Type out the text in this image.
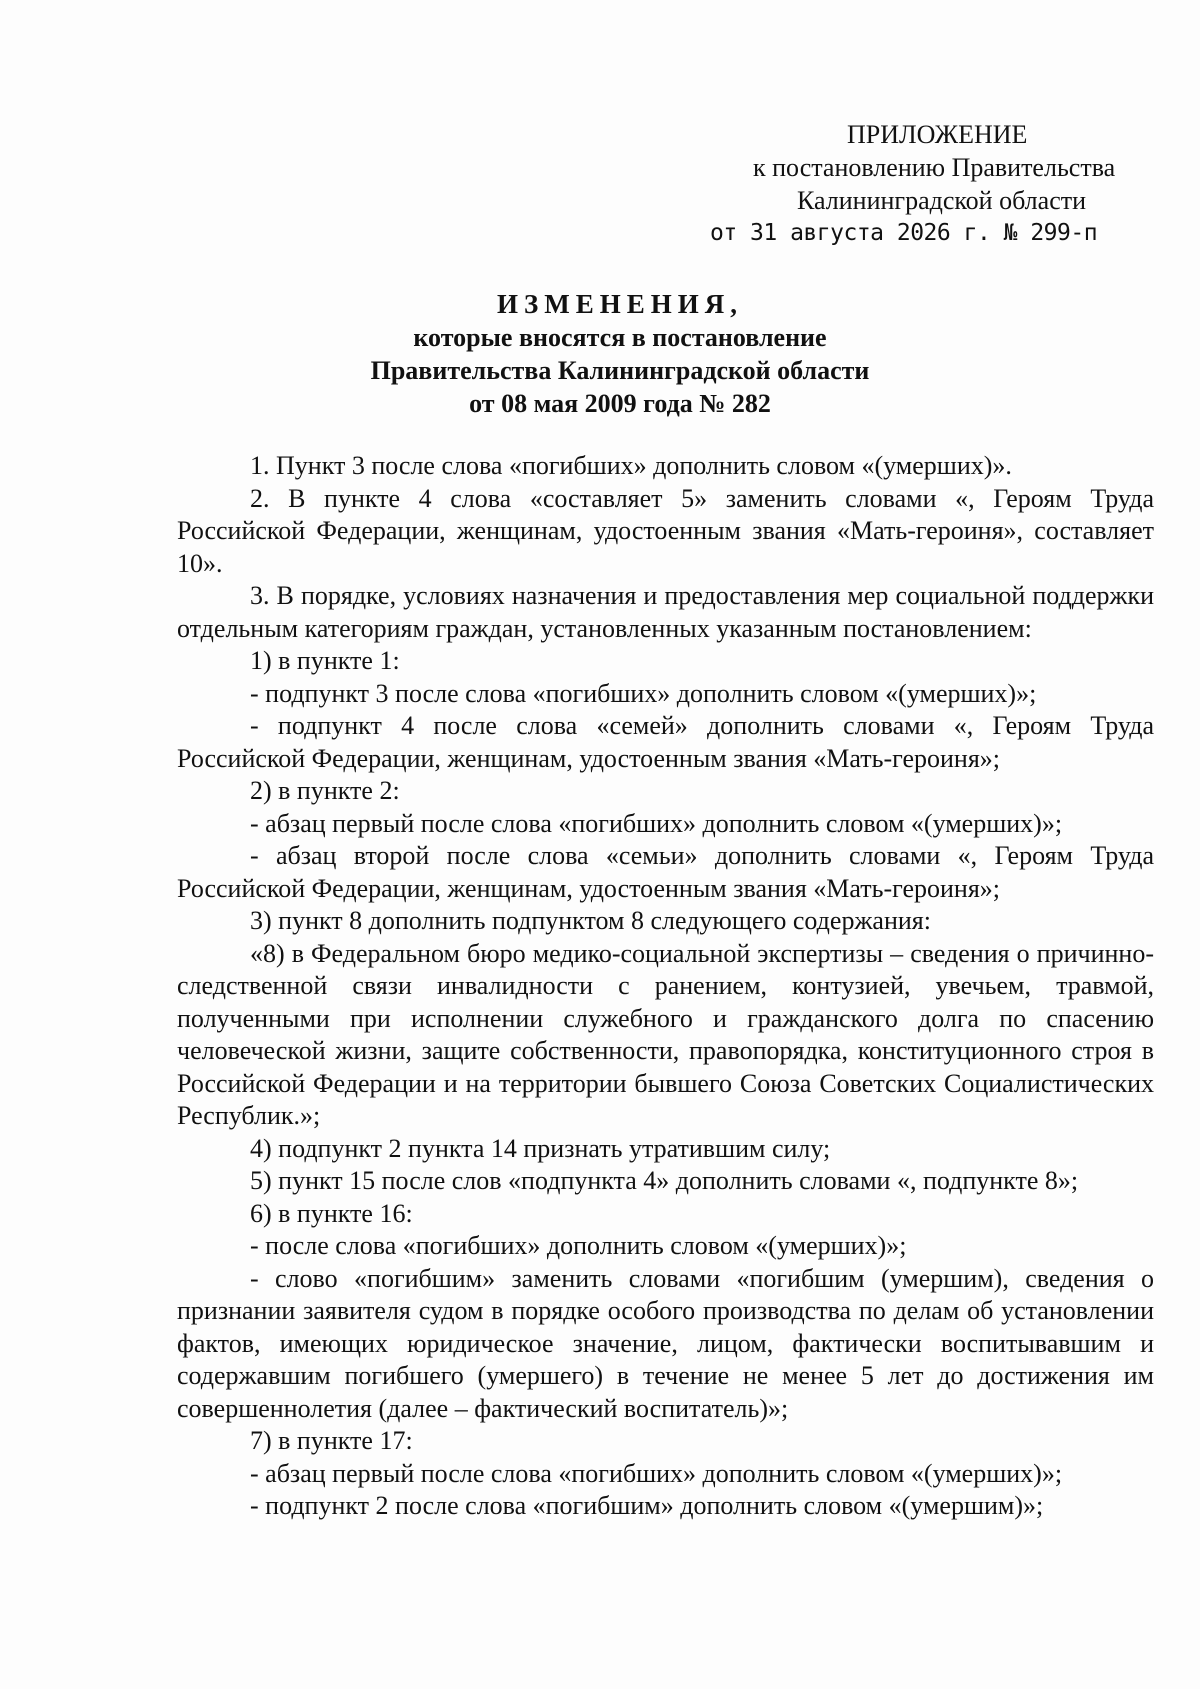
ПРИЛОЖЕНИЕ
к постановлению Правительства
Калининградской области
от 31 августа 2026 г. № 299-п
ИЗМЕНЕНИЯ,
которые вносятся в постановление
Правительства Калининградской области
от 08 мая 2009 года № 282

1. Пункт 3 после слова «погибших» дополнить словом «(умерших)».

2. В пункте 4 слова «составляет 5» заменить словами «, Героям Труда Российской Федерации, женщинам, удостоенным звания «Мать-героиня», составляет 10».

3. В порядке, условиях назначения и предоставления мер социальной поддержки отдельным категориям граждан, установленных указанным постановлением:

1) в пункте 1:

- подпункт 3 после слова «погибших» дополнить словом «(умерших)»;

- подпункт 4 после слова «семей» дополнить словами «, Героям Труда Российской Федерации, женщинам, удостоенным звания «Мать-героиня»;

2) в пункте 2:

- абзац первый после слова «погибших» дополнить словом «(умерших)»;

- абзац второй после слова «семьи» дополнить словами «, Героям Труда Российской Федерации, женщинам, удостоенным звания «Мать-героиня»;

3) пункт 8 дополнить подпунктом 8 следующего содержания:

«8) в Федеральном бюро медико-социальной экспертизы – сведения о причинно-следственной связи инвалидности с ранением, контузией, увечьем, травмой, полученными при исполнении служебного и гражданского долга по спасению человеческой жизни, защите собственности, правопорядка, конституционного строя в Российской Федерации и на территории бывшего Союза Советских Социалистических Республик.»;

4) подпункт 2 пункта 14 признать утратившим силу;

5) пункт 15 после слов «подпункта 4» дополнить словами «, подпункте 8»;

6) в пункте 16:

- после слова «погибших» дополнить словом «(умерших)»;

- слово «погибшим» заменить словами «погибшим (умершим), сведения о признании заявителя судом в порядке особого производства по делам об установлении фактов, имеющих юридическое значение, лицом, фактически воспитывавшим и содержавшим погибшего (умершего) в течение не менее 5 лет до достижения им совершеннолетия (далее – фактический воспитатель)»;

7) в пункте 17:

- абзац первый после слова «погибших» дополнить словом «(умерших)»;

- подпункт 2 после слова «погибшим» дополнить словом «(умершим)»;
